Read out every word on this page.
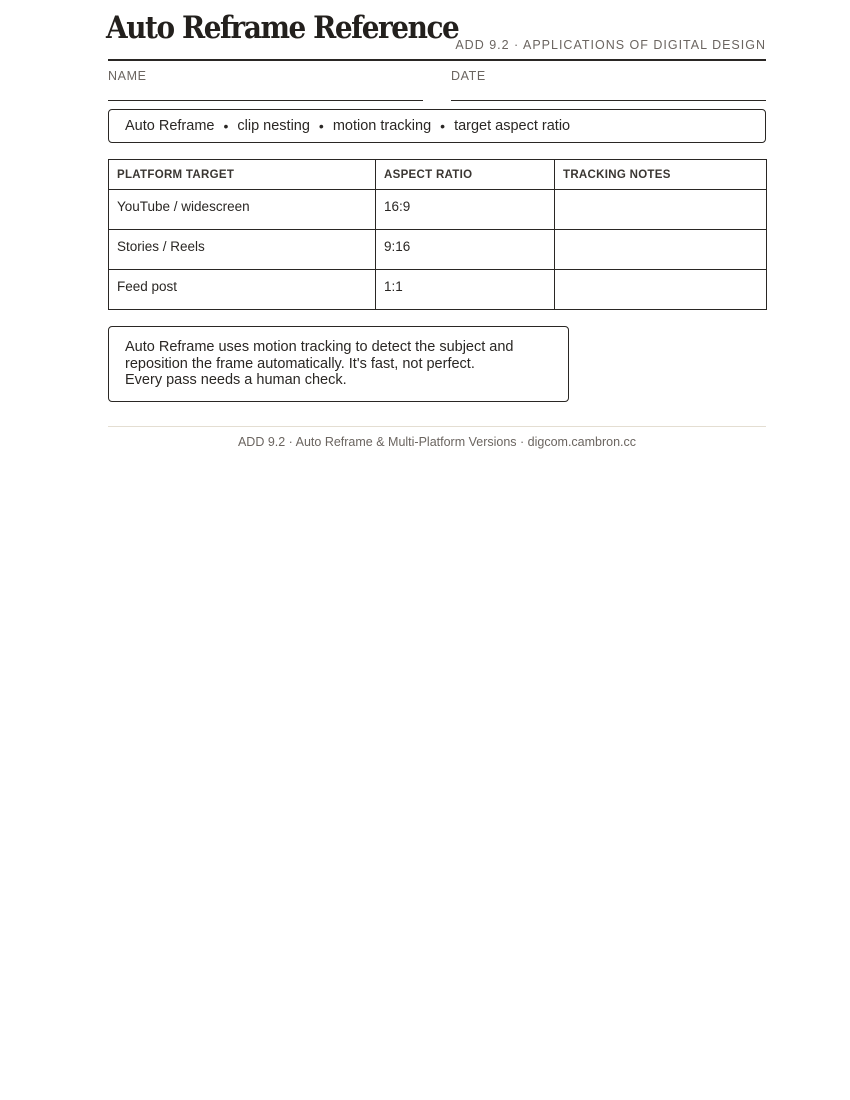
Auto Reframe Reference
ADD 9.2 · APPLICATIONS OF DIGITAL DESIGN
NAME	DATE
Auto Reframe • clip nesting • motion tracking • target aspect ratio
PLATFORM TARGET	ASPECT RATIO	TRACKING NOTES
YouTube / widescreen	16:9	
Stories / Reels	9:16	
Feed post	1:1	

Auto Reframe uses motion tracking to detect the subject and

reposition the frame automatically. It's fast, not perfect.

Every pass needs a human check.

ADD 9.2 · Auto Reframe & Multi-Platform Versions · digcom.cambron.cc
